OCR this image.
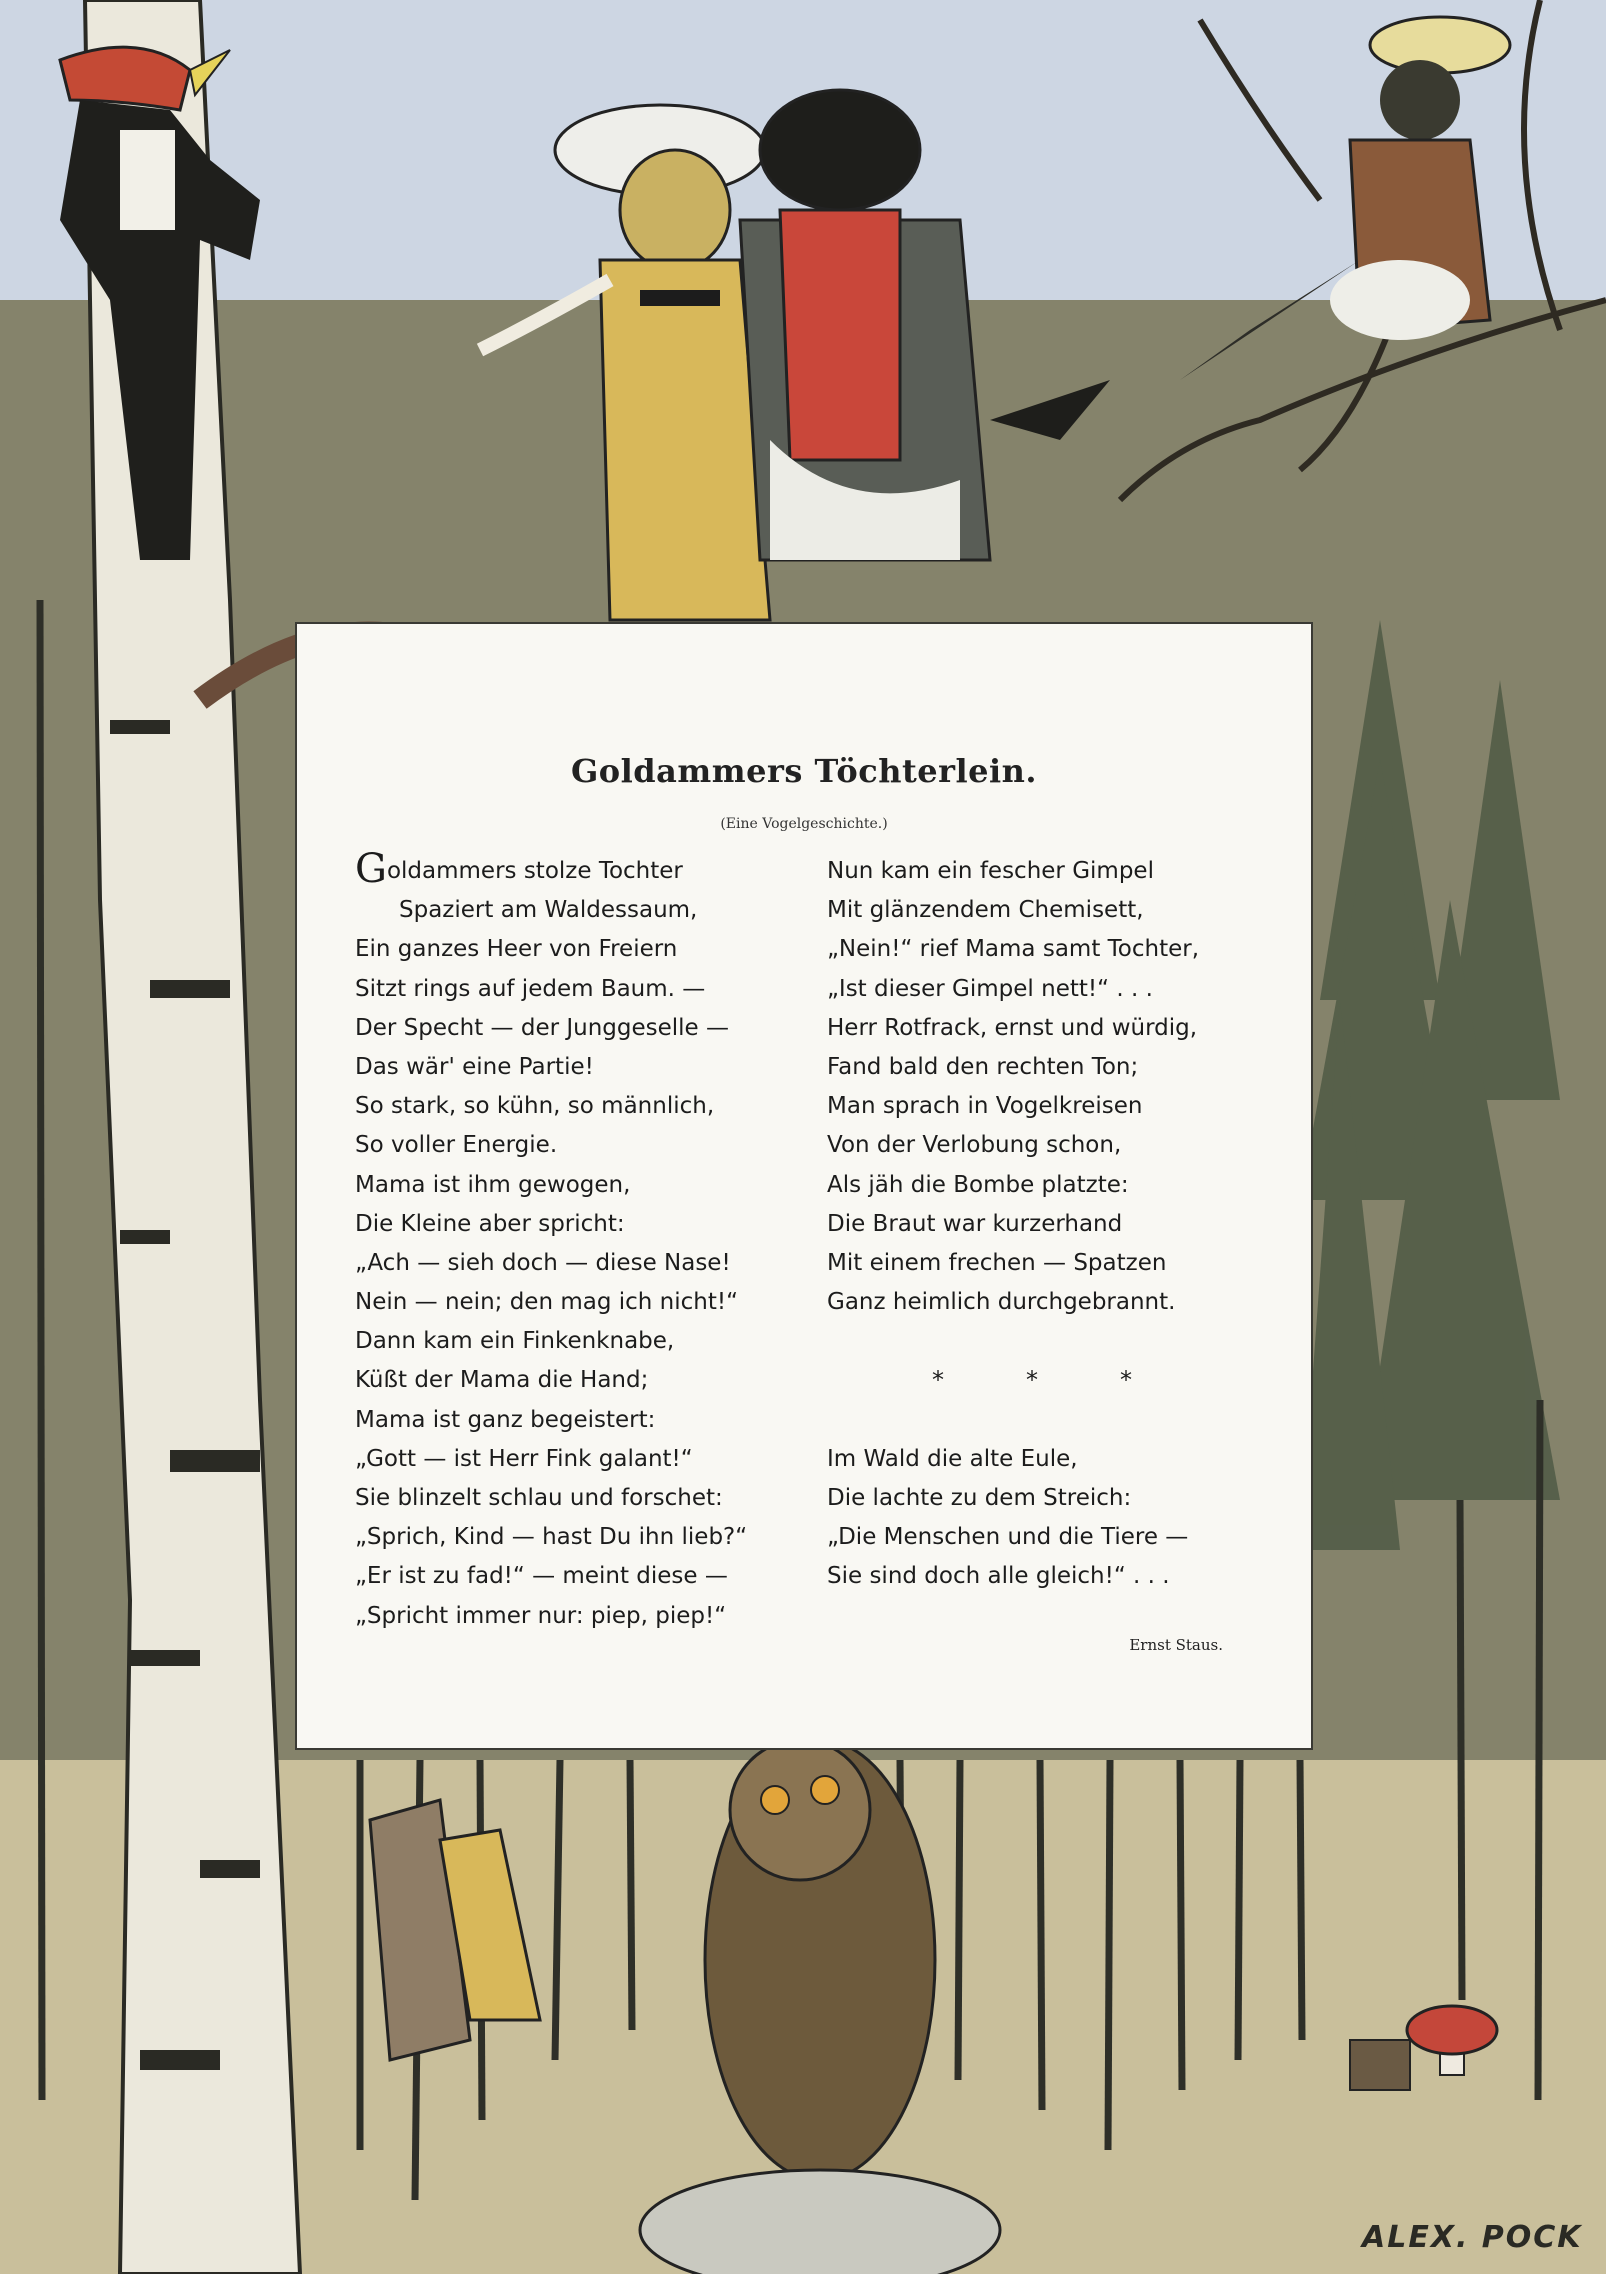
Goldammers Töchterlein.
(Eine Vogelgeschichte.)
Goldammers stolze Tochter
Spaziert am Waldessaum,
Ein ganzes Heer von Freiern
Sitzt rings auf jedem Baum. —
Der Specht — der Junggeselle —
Das wär' eine Partie!
So stark, so kühn, so männlich,
So voller Energie.
Mama ist ihm gewogen,
Die Kleine aber spricht:
„Ach — sieh doch — diese Nase!
Nein — nein; den mag ich nicht!“
Dann kam ein Finkenknabe,
Küßt der Mama die Hand;
Mama ist ganz begeistert:
„Gott — ist Herr Fink galant!“
Sie blinzelt schlau und forschet:
„Sprich, Kind — hast Du ihn lieb?“
„Er ist zu fad!“ — meint diese —
„Spricht immer nur: piep, piep!“
Nun kam ein fescher Gimpel
Mit glänzendem Chemisett,
„Nein!“ rief Mama samt Tochter,
„Ist dieser Gimpel nett!“ . . .
Herr Rotfrack, ernst und würdig,
Fand bald den rechten Ton;
Man sprach in Vogelkreisen
Von der Verlobung schon,
Als jäh die Bombe platzte:
Die Braut war kurzerhand
Mit einem frechen — Spatzen
Ganz heimlich durchgebrannt.
*	*	*
Im Wald die alte Eule,
Die lachte zu dem Streich:
„Die Menschen und die Tiere —
Sie sind doch alle gleich!“ . . .
Ernst Staus.
ALEX. POCK
